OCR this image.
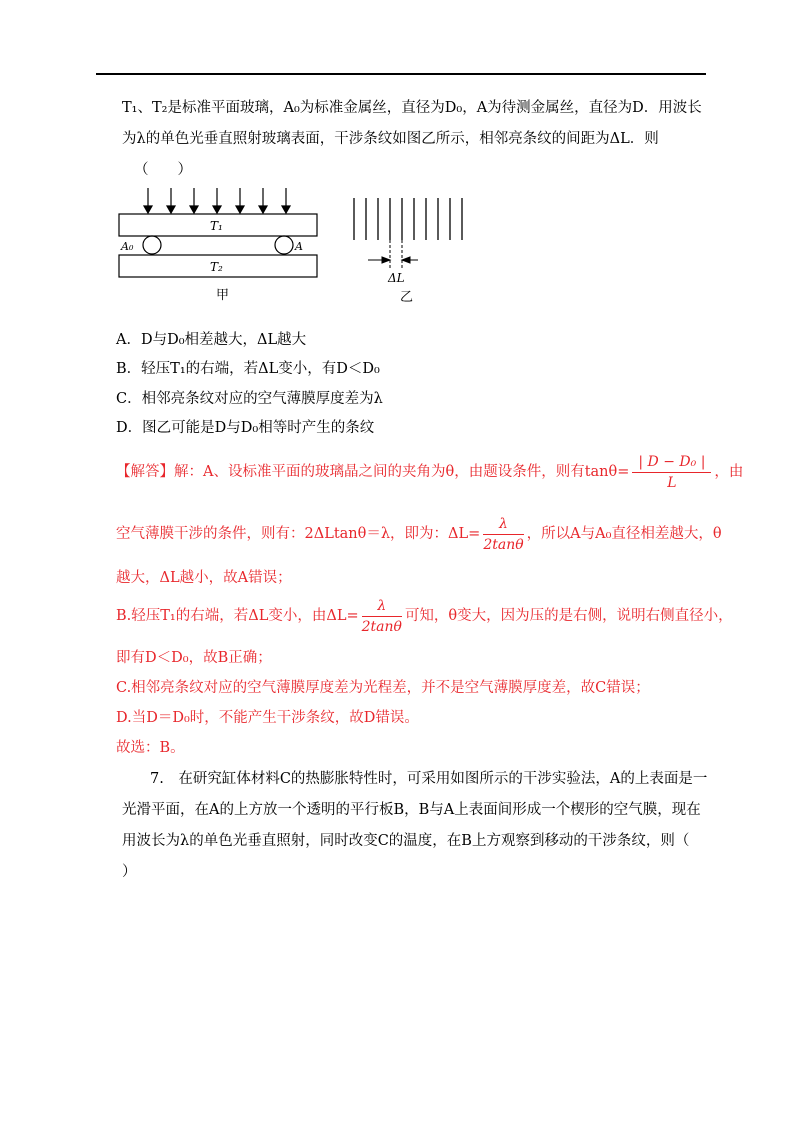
T₁、T₂是标准平面玻璃，A₀为标准金属丝，直径为D₀，A为待测金属丝，直径为D．用波长
为λ的单色光垂直照射玻璃表面，干涉条纹如图乙所示，相邻亮条纹的间距为ΔL．则
（　　）
T₁
A₀	A
T₂
甲
ΔL
乙
A．D与D₀相差越大，ΔL越大
B．轻压T₁的右端，若ΔL变小，有D＜D₀
C．相邻亮条纹对应的空气薄膜厚度差为λ
D．图乙可能是D与D₀相等时产生的条纹
【解答】解：A、设标准平面的玻璃晶之间的夹角为θ，由题设条件，则有$\tan\theta= \frac{\text{| D − D₀ |}}{L}$ ，由
空气薄膜干涉的条件，则有：2ΔLtanθ＝λ，即为：$\Delta L= \frac{\lambda}{2\tan\theta}$ ，所以A与A₀直径相差越大，θ
越大，ΔL越小，故A错误；
B.轻压T₁的右端，若ΔL变小，由$\Delta L= \frac{\lambda}{2\tan\theta}$ 可知，θ变大，因为压的是右侧，说明右侧直径小，
即有D＜D₀，故B正确；
C.相邻亮条纹对应的空气薄膜厚度差为光程差，并不是空气薄膜厚度差，故C错误；
D.当D＝D₀时，不能产生干涉条纹，故D错误。
故选：B。
7.　在研究缸体材料C的热膨胀特性时，可采用如图所示的干涉实验法，A的上表面是一
光滑平面，在A的上方放一个透明的平行板B，B与A上表面间形成一个楔形的空气膜，现在
用波长为λ的单色光垂直照射，同时改变C的温度，在B上方观察到移动的干涉条纹，则（
）
